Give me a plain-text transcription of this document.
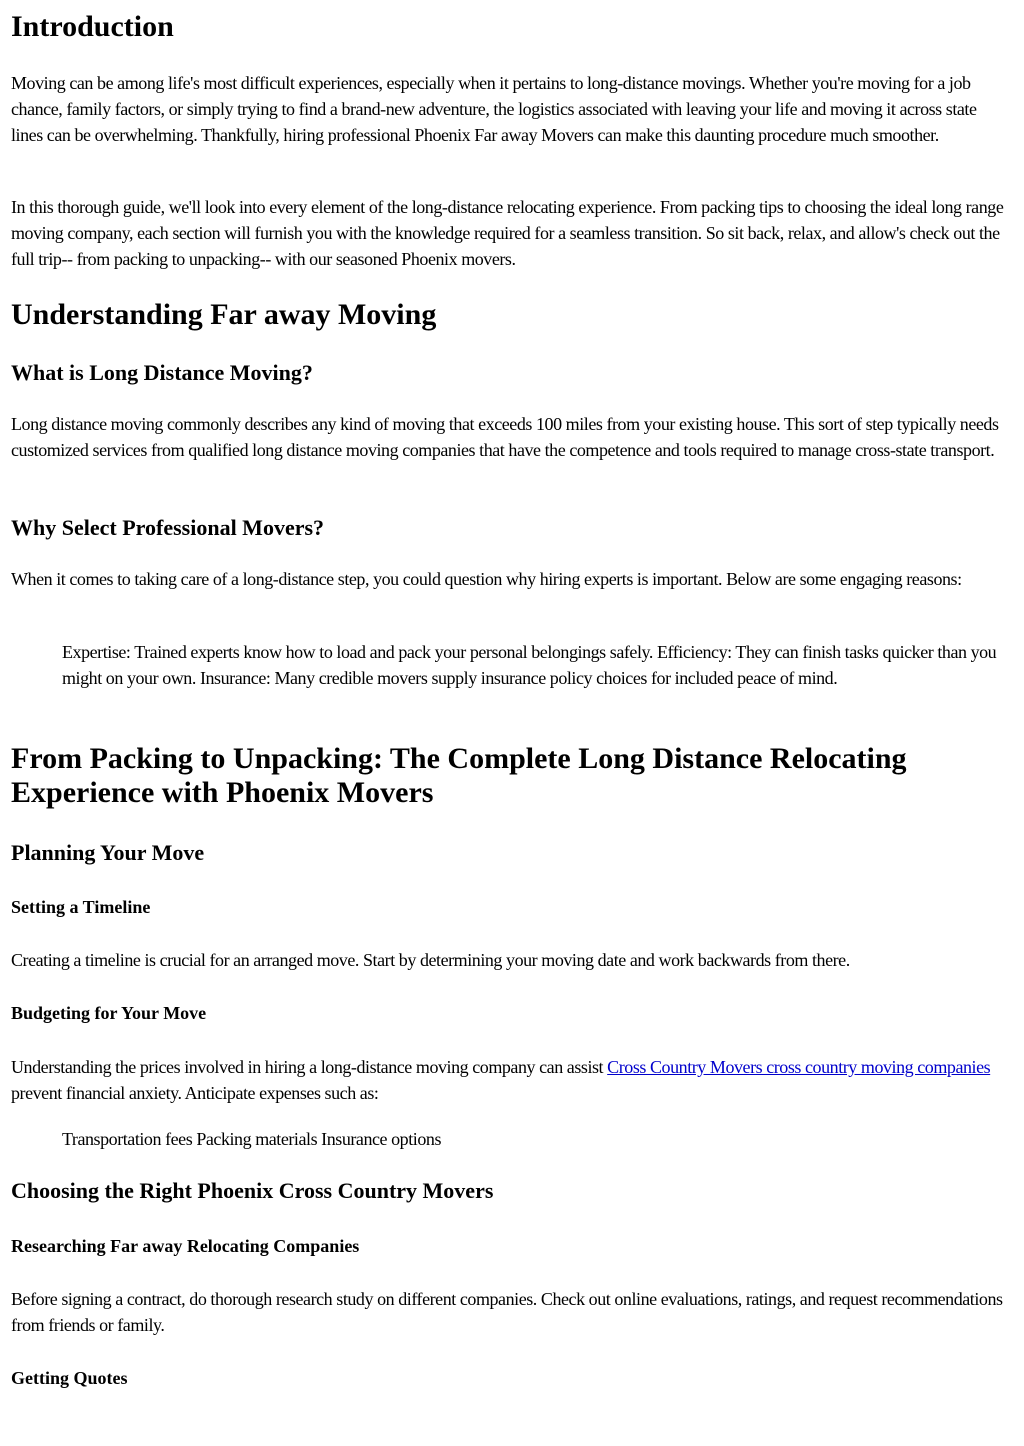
Introduction

Moving can be among life's most difficult experiences, especially when it pertains to long-distance movings. Whether you're moving for a job chance, family factors, or simply trying to find a brand-new adventure, the logistics associated with leaving your life and moving it across state lines can be overwhelming. Thankfully, hiring professional Phoenix Far away Movers can make this daunting procedure much smoother.

In this thorough guide, we'll look into every element of the long-distance relocating experience. From packing tips to choosing the ideal long range moving company, each section will furnish you with the knowledge required for a seamless transition. So sit back, relax, and allow's check out the full trip-- from packing to unpacking-- with our seasoned Phoenix movers.

Understanding Far away Moving
What is Long Distance Moving?

Long distance moving commonly describes any kind of moving that exceeds 100 miles from your existing house. This sort of step typically needs customized services from qualified long distance moving companies that have the competence and tools required to manage cross-state transport.

Why Select Professional Movers?

When it comes to taking care of a long-distance step, you could question why hiring experts is important. Below are some engaging reasons:

Expertise: Trained experts know how to load and pack your personal belongings safely. Efficiency: They can finish tasks quicker than you might on your own. Insurance: Many credible movers supply insurance policy choices for included peace of mind.

From Packing to Unpacking: The Complete Long Distance Relocating Experience with Phoenix Movers
Planning Your Move
Setting a Timeline

Creating a timeline is crucial for an arranged move. Start by determining your moving date and work backwards from there.

Budgeting for Your Move

Understanding the prices involved in hiring a long-distance moving company can assist Cross Country Movers cross country moving companies prevent financial anxiety. Anticipate expenses such as:

Transportation fees Packing materials Insurance options

Choosing the Right Phoenix Cross Country Movers
Researching Far away Relocating Companies

Before signing a contract, do thorough research study on different companies. Check out online evaluations, ratings, and request recommendations from friends or family.

Getting Quotes
